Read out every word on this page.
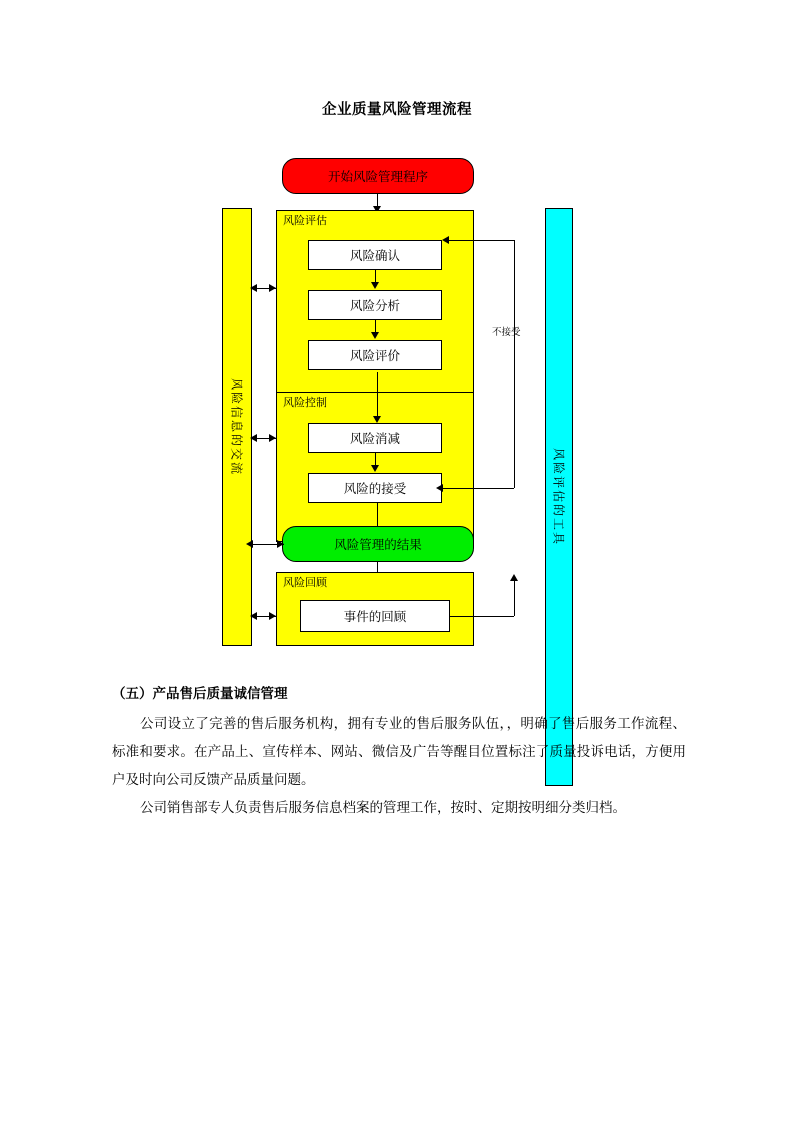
企业质量风险管理流程
风险信息的交流
风险评估的工具
开始风险管理程序
风险评估
风险确认
风险分析
风险评价
风险控制
风险消减
风险的接受
不接受
风险管理的结果
风险回顾
事件的回顾
（五）产品售后质量诚信管理

公司设立了完善的售后服务机构，拥有专业的售后服务队伍，，明确了售后服务工作流程、标准和要求。在产品上、宣传样本、网站、微信及广告等醒目位置标注了质量投诉电话，方便用户及时向公司反馈产品质量问题。

公司销售部专人负责售后服务信息档案的管理工作，按时、定期按明细分类归档。
